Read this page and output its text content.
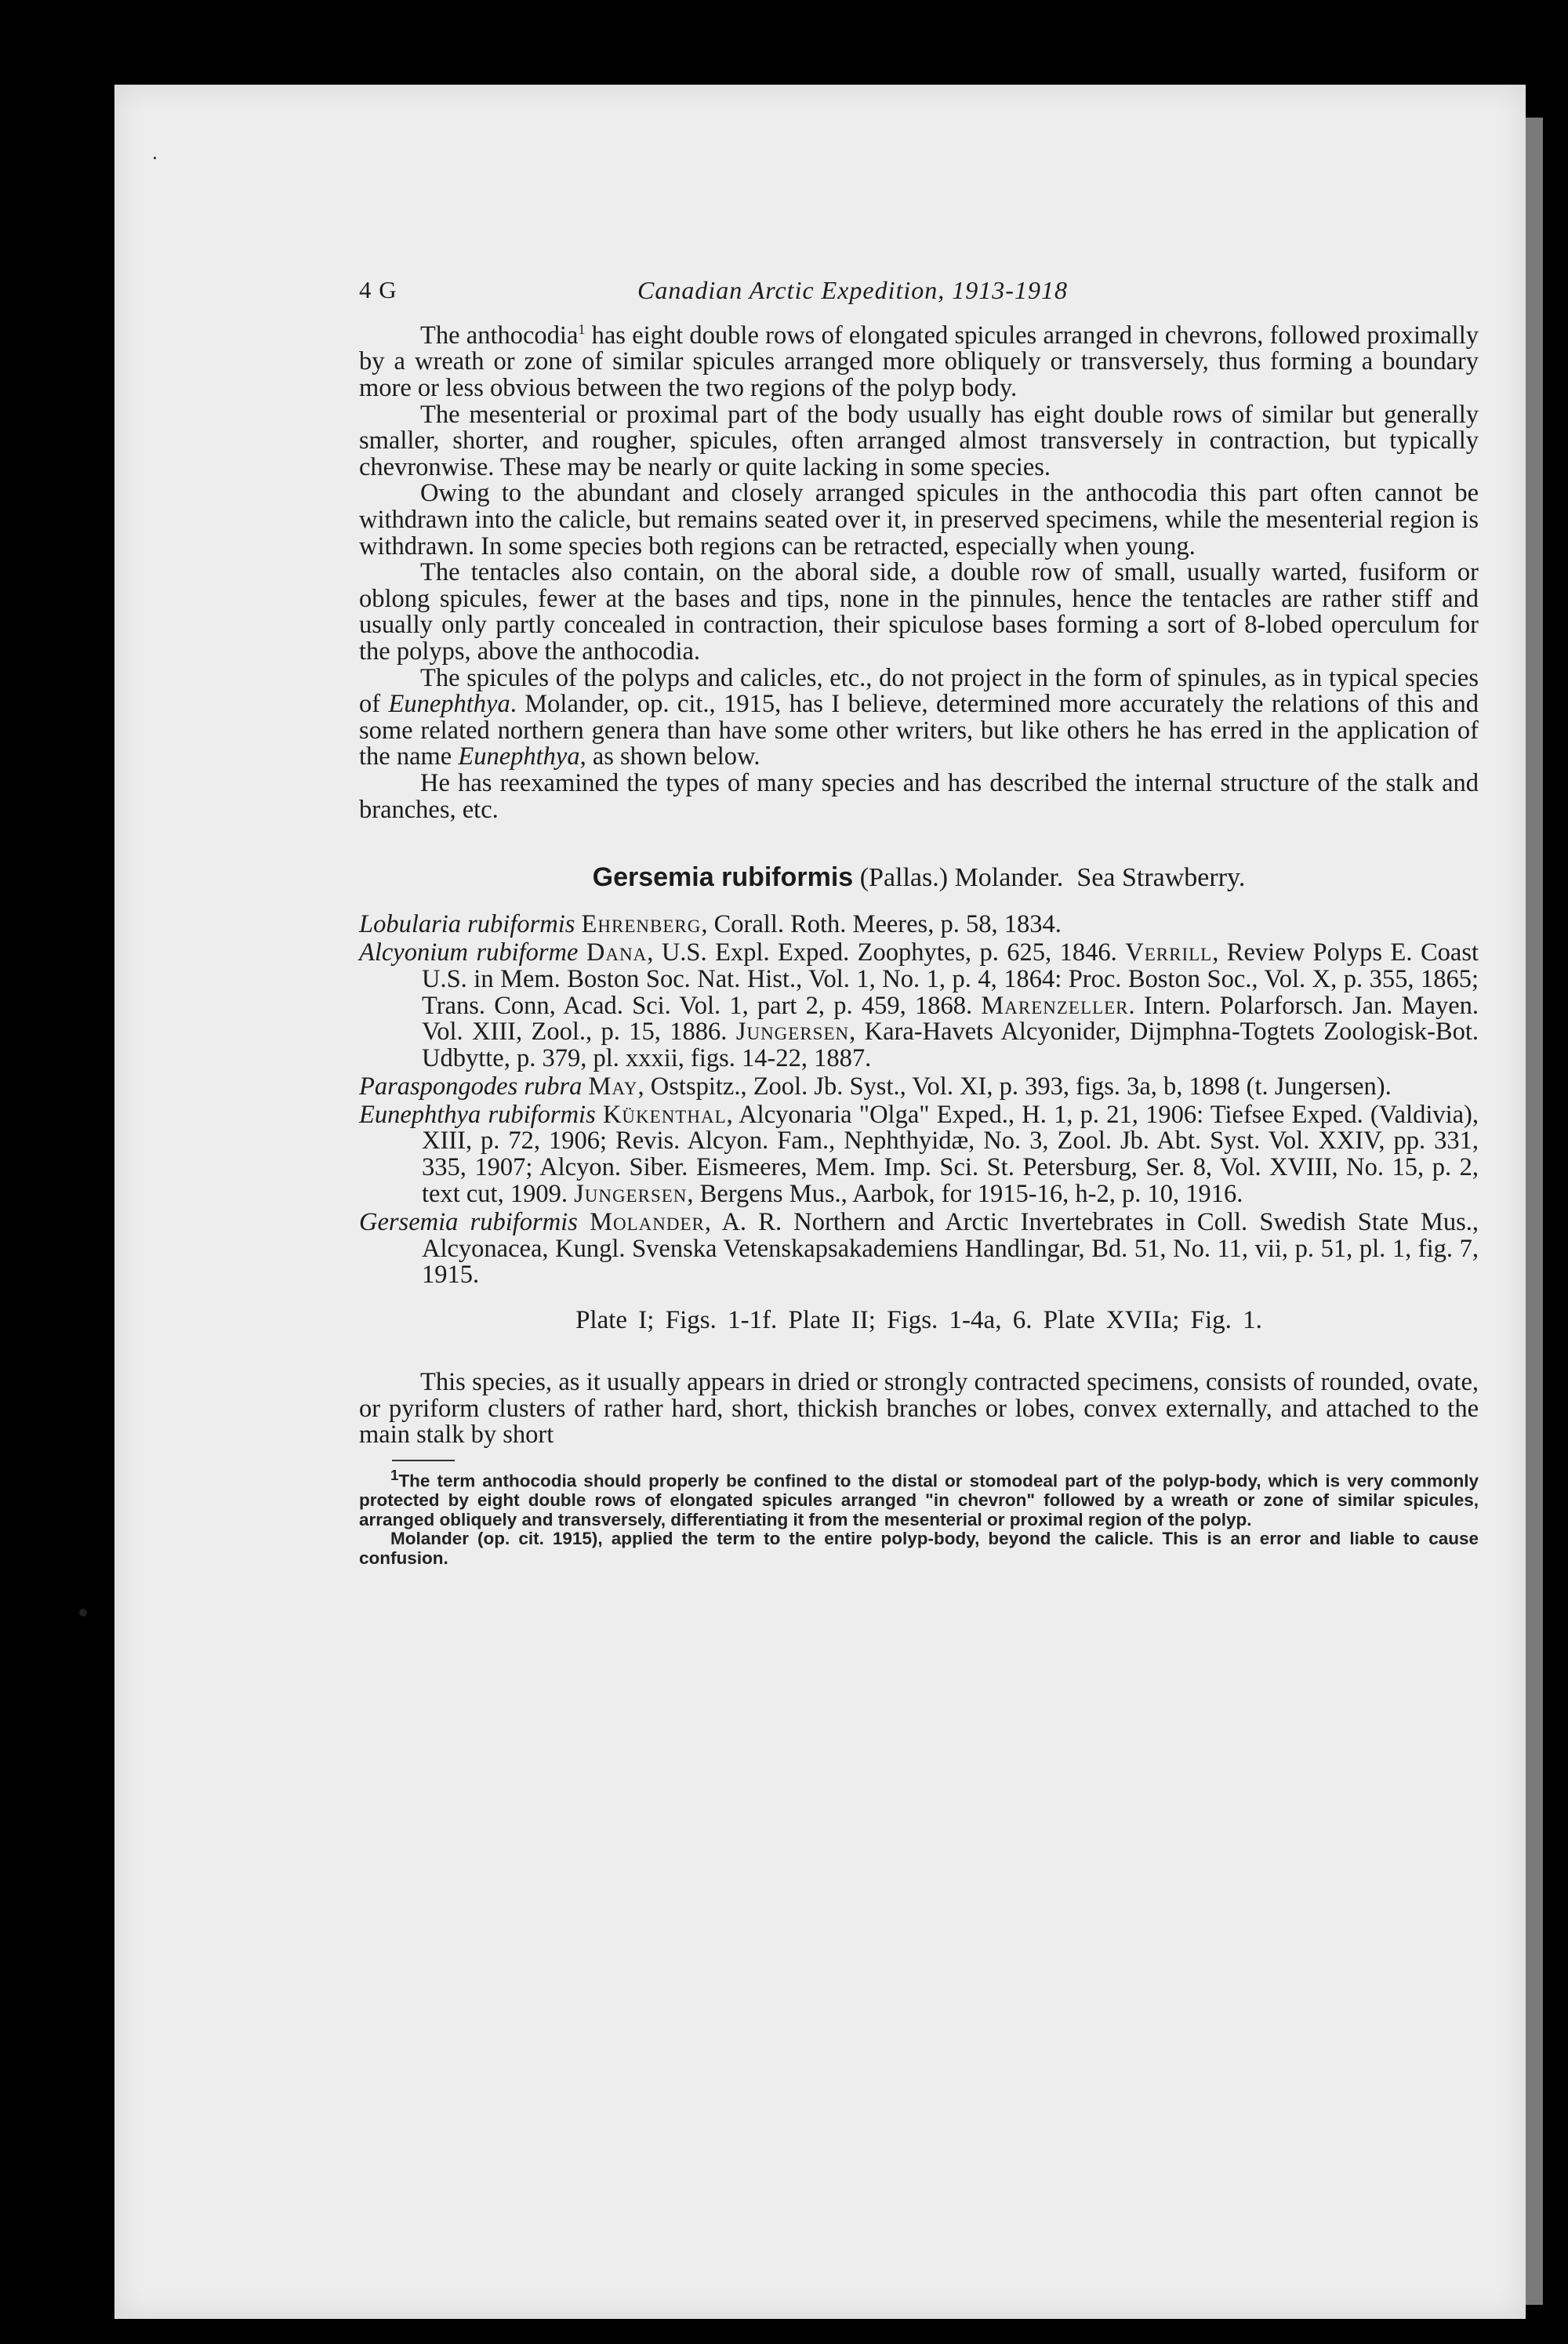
4 G	Canadian Arctic Expedition, 1913-1918

The anthocodia$^1$ has eight double rows of elongated spicules arranged in chevrons, followed proximally by a wreath or zone of similar spicules arranged more obliquely or transversely, thus forming a boundary more or less obvious between the two regions of the polyp body.

The mesenterial or proximal part of the body usually has eight double rows of similar but generally smaller, shorter, and rougher, spicules, often arranged almost transversely in contraction, but typically chevronwise. These may be nearly or quite lacking in some species.

Owing to the abundant and closely arranged spicules in the anthocodia this part often cannot be withdrawn into the calicle, but remains seated over it, in preserved specimens, while the mesenterial region is withdrawn. In some species both regions can be retracted, especially when young.

The tentacles also contain, on the aboral side, a double row of small, usually warted, fusiform or oblong spicules, fewer at the bases and tips, none in the pinnules, hence the tentacles are rather stiff and usually only partly concealed in contraction, their spiculose bases forming a sort of 8-lobed operculum for the polyps, above the anthocodia.

The spicules of the polyps and calicles, etc., do not project in the form of spinules, as in typical species of Eunephthya. Molander, op. cit., 1915, has I believe, determined more accurately the relations of this and some related northern genera than have some other writers, but like others he has erred in the application of the name Eunephthya, as shown below.

He has reexamined the types of many species and has described the internal structure of the stalk and branches, etc.

Gersemia rubiformis (Pallas.) Molander. Sea Strawberry.

Lobularia rubiformis Ehrenberg, Corall. Roth. Meeres, p. 58, 1834.

Alcyonium rubiforme Dana, U.S. Expl. Exped. Zoophytes, p. 625, 1846. Verrill, Review Polyps E. Coast U.S. in Mem. Boston Soc. Nat. Hist., Vol. 1, No. 1, p. 4, 1864: Proc. Boston Soc., Vol. X, p. 355, 1865; Trans. Conn, Acad. Sci. Vol. 1, part 2, p. 459, 1868. Marenzeller. Intern. Polarforsch. Jan. Mayen. Vol. XIII, Zool., p. 15, 1886. Jungersen, Kara-Havets Alcyonider, Dijmphna-Togtets Zoologisk-Bot. Udbytte, p. 379, pl. xxxii, figs. 14-22, 1887.

Paraspongodes rubra May, Ostspitz., Zool. Jb. Syst., Vol. XI, p. 393, figs. 3a, b, 1898 (t. Jungersen).

Eunephthya rubiformis Kükenthal, Alcyonaria "Olga" Exped., H. 1, p. 21, 1906: Tiefsee Exped. (Valdivia), XIII, p. 72, 1906; Revis. Alcyon. Fam., Nephthyidæ, No. 3, Zool. Jb. Abt. Syst. Vol. XXIV, pp. 331, 335, 1907; Alcyon. Siber. Eismeeres, Mem. Imp. Sci. St. Petersburg, Ser. 8, Vol. XVIII, No. 15, p. 2, text cut, 1909. Jungersen, Bergens Mus., Aarbok, for 1915-16, h-2, p. 10, 1916.

Gersemia rubiformis Molander, A. R. Northern and Arctic Invertebrates in Coll. Swedish State Mus., Alcyonacea, Kungl. Svenska Vetenskapsakademiens Handlingar, Bd. 51, No. 11, vii, p. 51, pl. 1, fig. 7, 1915.

Plate I; Figs. 1-1f. Plate II; Figs. 1-4a, 6. Plate XVIIa; Fig. 1.

This species, as it usually appears in dried or strongly contracted specimens, consists of rounded, ovate, or pyriform clusters of rather hard, short, thickish branches or lobes, convex externally, and attached to the main stalk by short

$^1$The term anthocodia should properly be confined to the distal or stomodeal part of the polyp-body, which is very commonly protected by eight double rows of elongated spicules arranged "in chevron" followed by a wreath or zone of similar spicules, arranged obliquely and transversely, differentiating it from the mesenterial or proximal region of the polyp.

Molander (op. cit. 1915), applied the term to the entire polyp-body, beyond the calicle. This is an error and liable to cause confusion.
